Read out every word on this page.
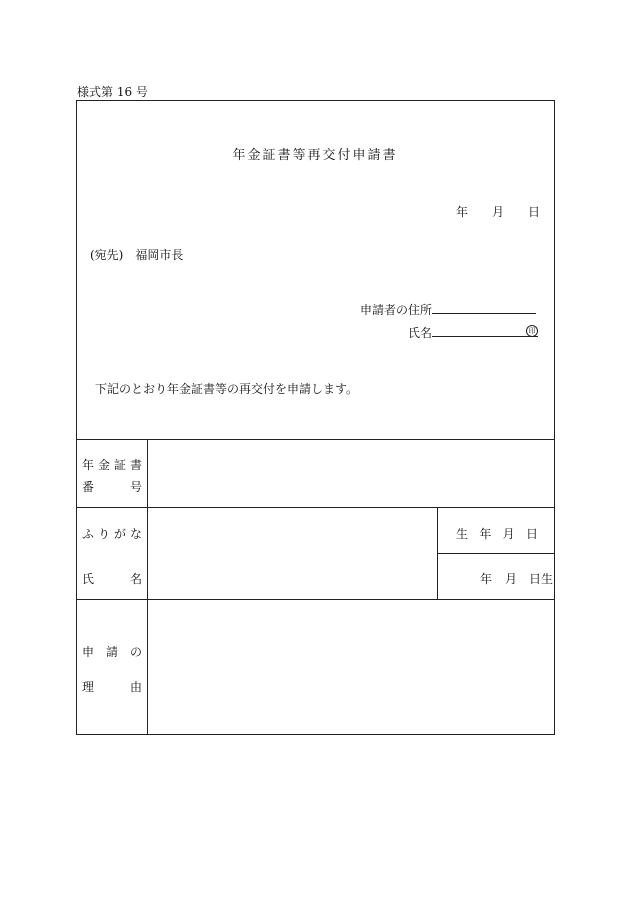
様式第 16 号
年金証書等再交付申請書
年 月 日
(宛先)　福岡市長
申請者の住所
氏名	印
下記のとおり年金証書等の再交付を申請します。
年 金 証 書
番	号
ふ り が な
氏	名
生 年 月 日
年 月 日生
申 請 の
理	由
